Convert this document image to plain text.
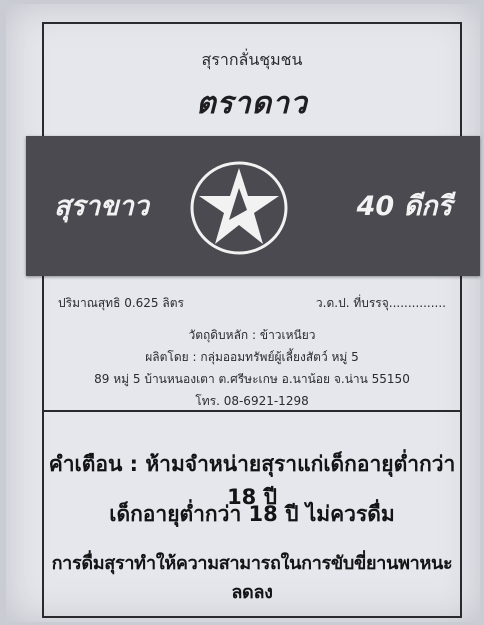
สุรากลั่นชุมชน
ตราดาว
สุราขาว	40 ดีกรี
ปริมาณสุทธิ 0.625 ลิตร	ว.ด.ป. ที่บรรจุ...............
วัตถุดิบหลัก : ข้าวเหนียว
ผลิตโดย : กลุ่มออมทรัพย์ผู้เลี้ยงสัตว์ หมู่ 5
89 หมู่ 5 บ้านหนองเตา ต.ศรีษะเกษ อ.นาน้อย จ.น่าน 55150
โทร. 08-6921-1298
คำเตือน : ห้ามจำหน่ายสุราแก่เด็กอายุต่ำกว่า 18 ปี
เด็กอายุต่ำกว่า 18 ปี ไม่ควรดื่ม
การดื่มสุราทำให้ความสามารถในการขับขี่ยานพาหนะลดลง
